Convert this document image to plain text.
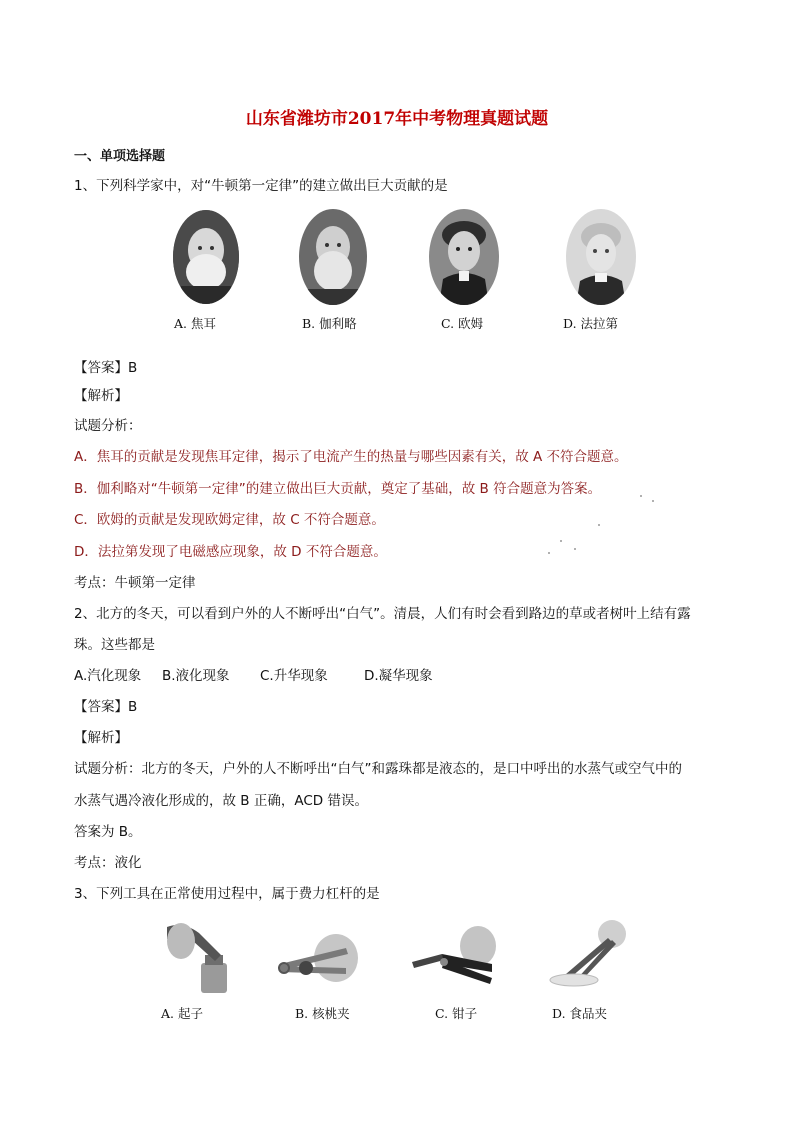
山东省潍坊市2017年中考物理真题试题
一、单项选择题
1、下列科学家中，对“牛顿第一定律”的建立做出巨大贡献的是
A. 焦耳	B. 伽利略	C. 欧姆	D. 法拉第
【答案】B
【解析】
试题分析：
A．焦耳的贡献是发现焦耳定律，揭示了电流产生的热量与哪些因素有关，故 A 不符合题意。
B．伽利略对“牛顿第一定律”的建立做出巨大贡献，奠定了基础，故 B 符合题意为答案。
C．欧姆的贡献是发现欧姆定律，故 C 不符合题意。
D．法拉第发现了电磁感应现象，故 D 不符合题意。
考点：牛顿第一定律
2、北方的冬天，可以看到户外的人不断呼出“白气”。清晨，人们有时会看到路边的草或者树叶上结有露
珠。这些都是
A.汽化现象 B.液化现象 C.升华现象	D.凝华现象
【答案】B
【解析】
试题分析：北方的冬天，户外的人不断呼出“白气”和露珠都是液态的，是口中呼出的水蒸气或空气中的
水蒸气遇冷液化形成的，故 B 正确，ACD 错误。
答案为 B。
考点：液化
3、下列工具在正常使用过程中，属于费力杠杆的是
A. 起子	B. 核桃夹	C. 钳子	D. 食品夹
